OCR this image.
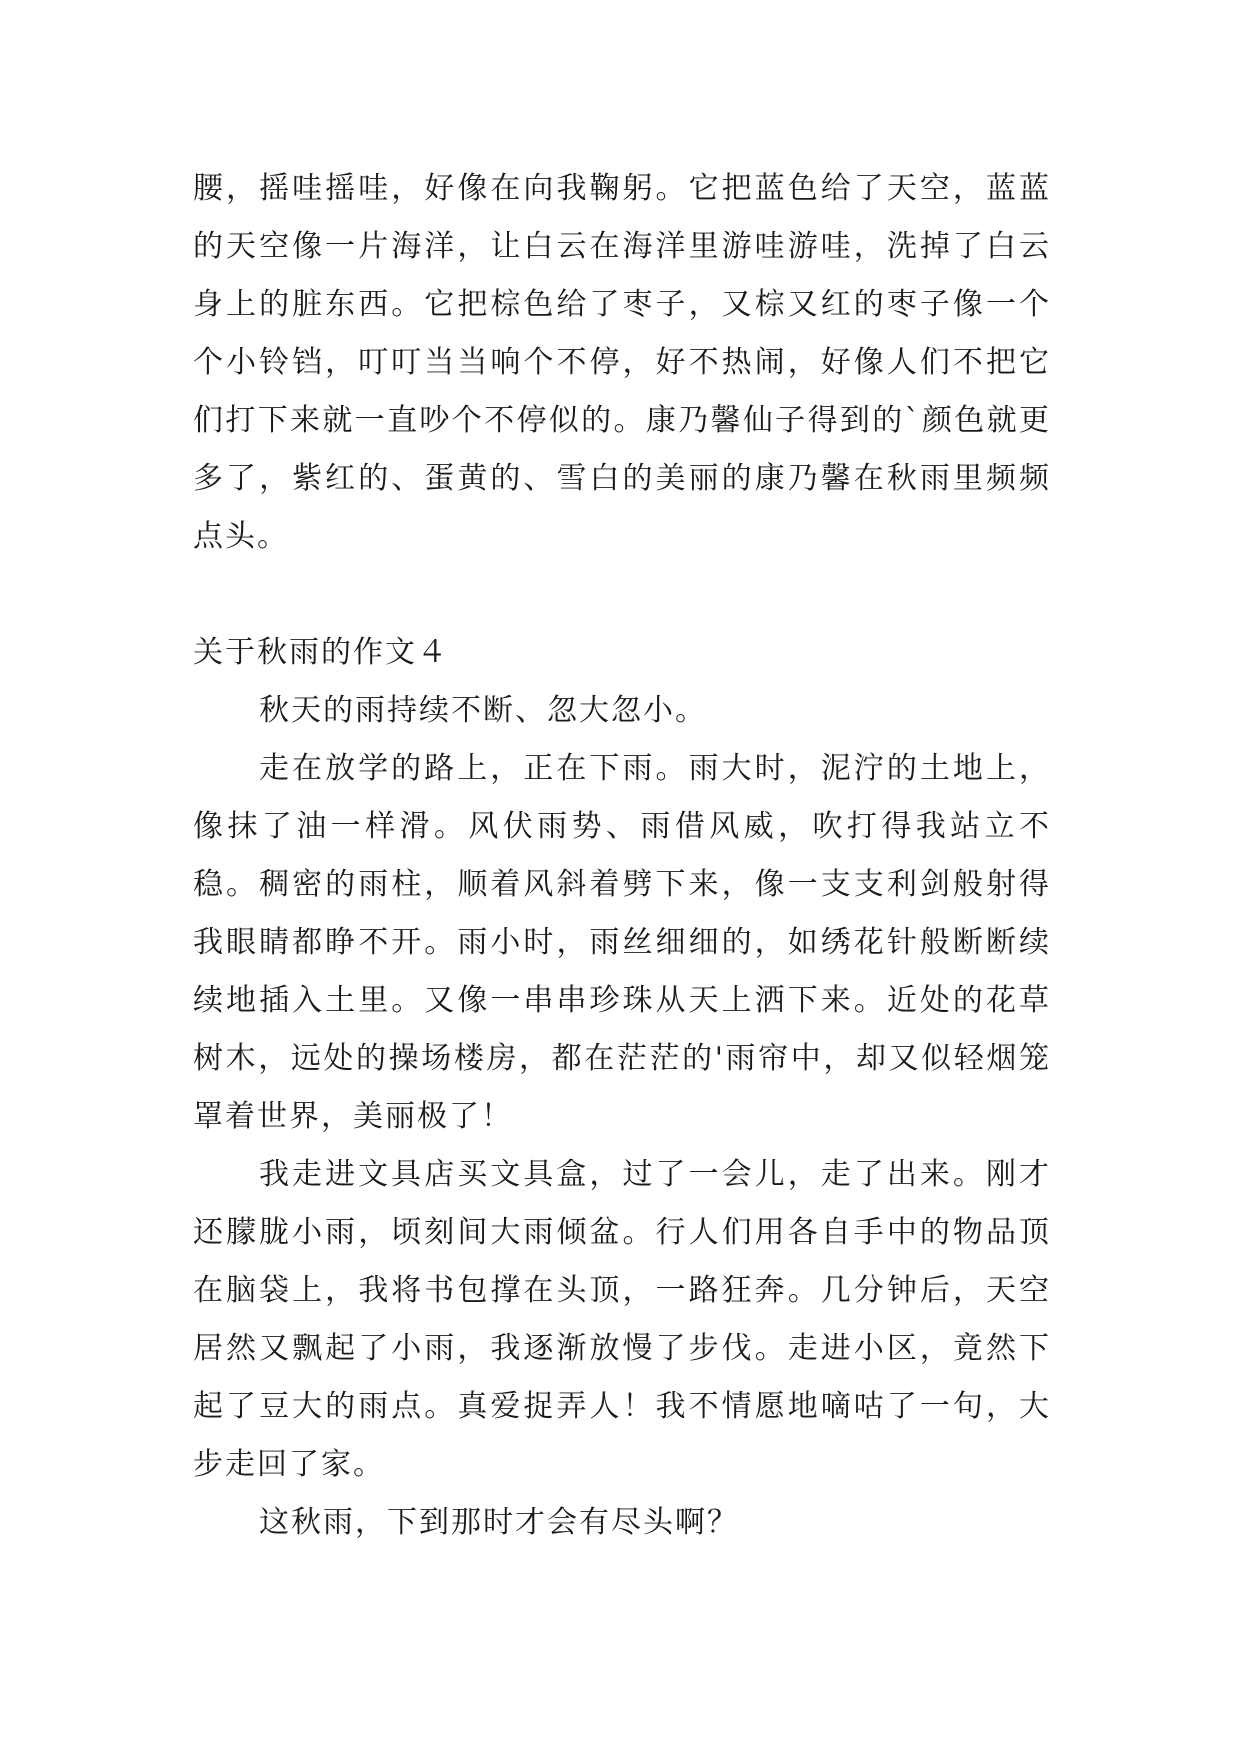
腰，摇哇摇哇，好像在向我鞠躬。它把蓝色给了天空，蓝蓝的天空像一片海洋，让白云在海洋里游哇游哇，洗掉了白云身上的脏东西。它把棕色给了枣子，又棕又红的枣子像一个个小铃铛，叮叮当当响个不停，好不热闹，好像人们不把它们打下来就一直吵个不停似的。康乃馨仙子得到的`颜色就更多了，紫红的、蛋黄的、雪白的美丽的康乃馨在秋雨里频频点头。

关于秋雨的作文４

秋天的雨持续不断、忽大忽小。

走在放学的路上，正在下雨。雨大时，泥泞的土地上，像抹了油一样滑。风伏雨势、雨借风威，吹打得我站立不稳。稠密的雨柱，顺着风斜着劈下来，像一支支利剑般射得我眼睛都睁不开。雨小时，雨丝细细的，如绣花针般断断续续地插入土里。又像一串串珍珠从天上洒下来。近处的花草树木，远处的操场楼房，都在茫茫的'雨帘中，却又似轻烟笼罩着世界，美丽极了！

我走进文具店买文具盒，过了一会儿，走了出来。刚才还朦胧小雨，顷刻间大雨倾盆。行人们用各自手中的物品顶在脑袋上，我将书包撑在头顶，一路狂奔。几分钟后，天空居然又飘起了小雨，我逐渐放慢了步伐。走进小区，竟然下起了豆大的雨点。真爱捉弄人！我不情愿地嘀咕了一句，大步走回了家。

这秋雨，下到那时才会有尽头啊？
